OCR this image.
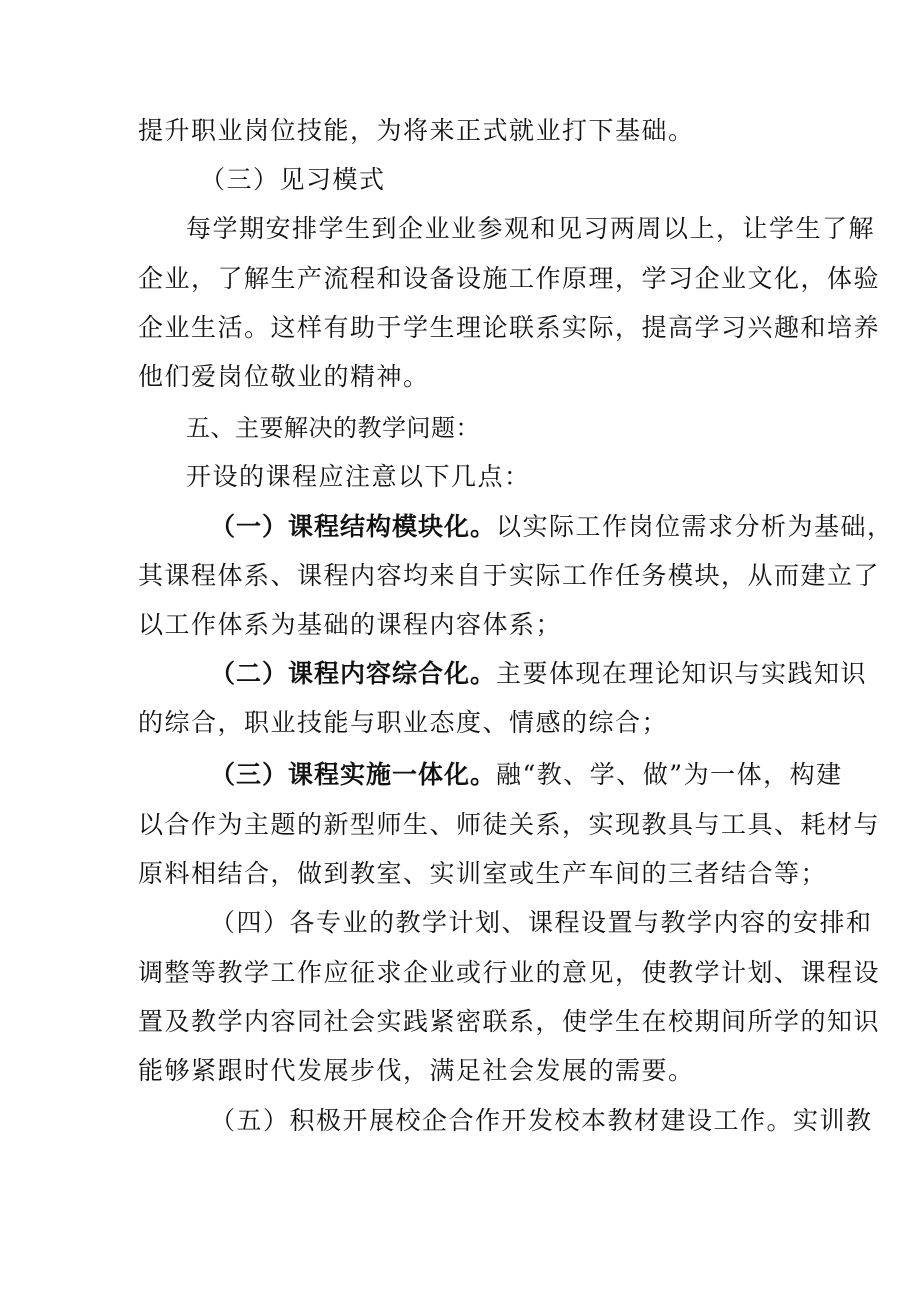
提升职业岗位技能，为将来正式就业打下基础。
（三）见习模式
每学期安排学生到企业业参观和见习两周以上，让学生了解
企业，了解生产流程和设备设施工作原理，学习企业文化，体验
企业生活。这样有助于学生理论联系实际，提高学习兴趣和培养
他们爱岗位敬业的精神。
五、主要解决的教学问题：
开设的课程应注意以下几点：
（一）课程结构模块化。以实际工作岗位需求分析为基础，
其课程体系、课程内容均来自于实际工作任务模块，从而建立了
以工作体系为基础的课程内容体系；
（二）课程内容综合化。主要体现在理论知识与实践知识
的综合，职业技能与职业态度、情感的综合；
（三）课程实施一体化。融“教、学、做”为一体，构建
以合作为主题的新型师生、师徒关系，实现教具与工具、耗材与
原料相结合，做到教室、实训室或生产车间的三者结合等；
（四）各专业的教学计划、课程设置与教学内容的安排和
调整等教学工作应征求企业或行业的意见，使教学计划、课程设
置及教学内容同社会实践紧密联系，使学生在校期间所学的知识
能够紧跟时代发展步伐，满足社会发展的需要。
（五）积极开展校企合作开发校本教材建设工作。实训教
